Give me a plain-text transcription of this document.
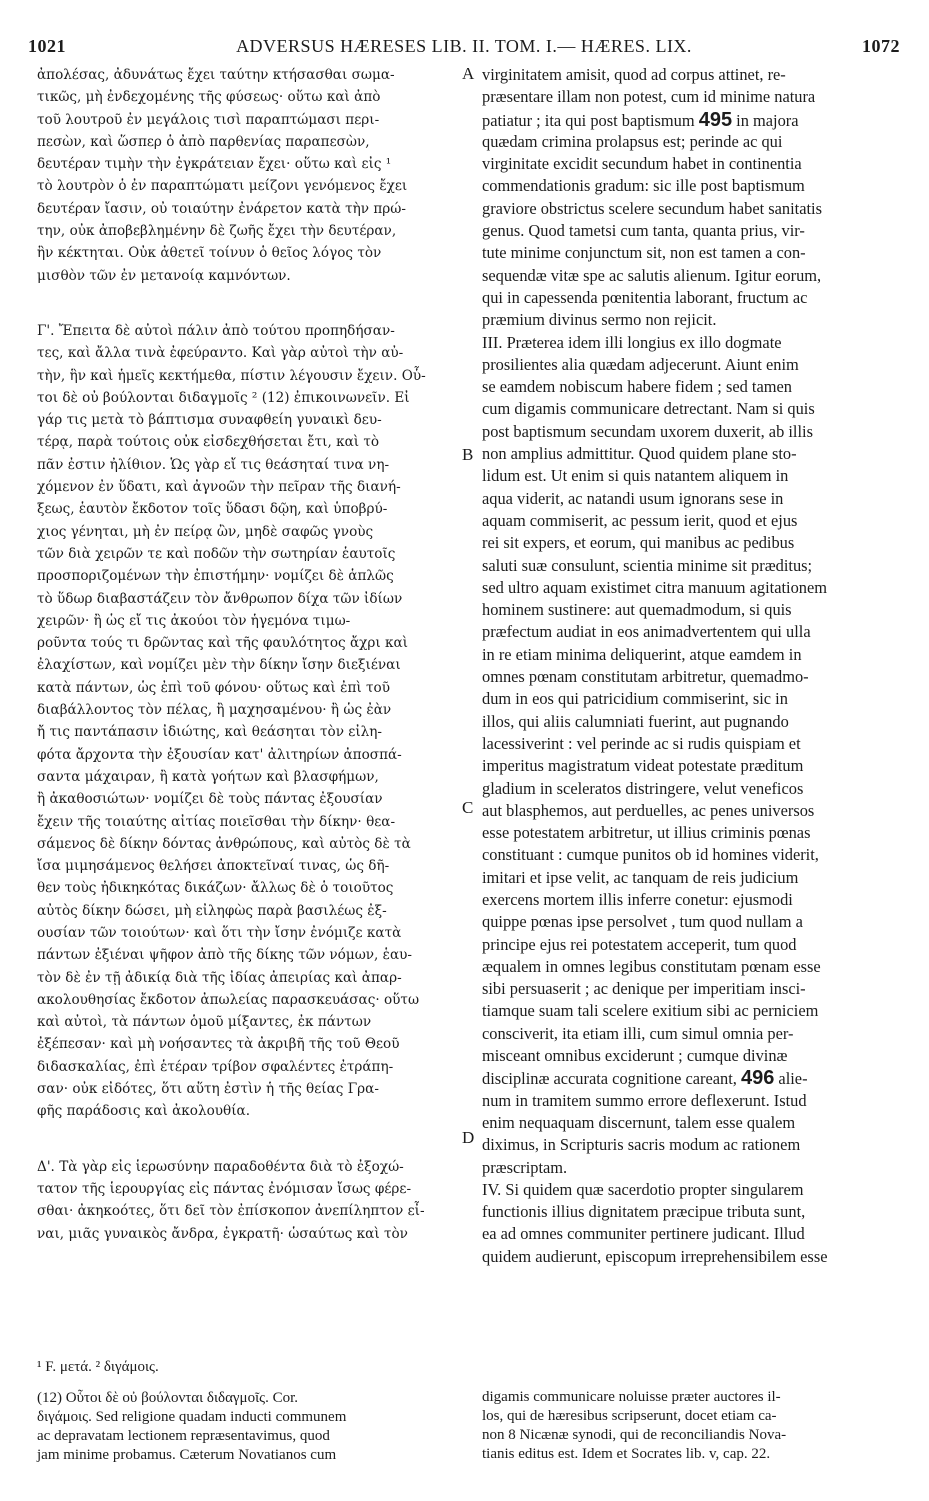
1021	ADVERSUS HÆRESES LIB. II. TOM. I.— HÆRES. LIX.	1072
ἀπολέσας, ἀδυνάτως ἔχει ταύτην κτήσασθαι σωμα-
τικῶς, μὴ ἐνδεχομένης τῆς φύσεως· οὕτω καὶ ἀπὸ
τοῦ λουτροῦ ἐν μεγάλοις τισὶ παραπτώμασι περι-
πεσὼν, καὶ ὥσπερ ὁ ἀπὸ παρθενίας παραπεσὼν,
δευτέραν τιμὴν τὴν ἐγκράτειαν ἔχει· οὕτω καὶ εἰς ¹
τὸ λουτρὸν ὁ ἐν παραπτώματι μείζονι γενόμενος ἔχει
δευτέραν ἴασιν, οὐ τοιαύτην ἐνάρετον κατὰ τὴν πρώ-
την, οὐκ ἀποβεβλημένην δὲ ζωῆς ἔχει τὴν δευτέραν,
ἣν κέκτηται. Οὐκ ἀθετεῖ τοίνυν ὁ θεῖος λόγος τὸν
μισθὸν τῶν ἐν μετανοίᾳ καμνόντων.
Γ'. Ἔπειτα δὲ αὐτοὶ πάλιν ἀπὸ τούτου προπηδήσαν-
τες, καὶ ἄλλα τινὰ ἐφεύραντο. Καὶ γὰρ αὐτοὶ τὴν αὐ-
τὴν, ἣν καὶ ἡμεῖς κεκτήμεθα, πίστιν λέγουσιν ἔχειν. Οὗ-
τοι δὲ οὐ βούλονται διδαγμοῖς ² (12) ἐπικοινωνεῖν. Εἰ
γάρ τις μετὰ τὸ βάπτισμα συναφθείη γυναικὶ δευ-
τέρᾳ, παρὰ τούτοις οὐκ εἰσδεχθήσεται ἔτι, καὶ τὸ
πᾶν ἐστιν ἠλίθιον. Ὡς γὰρ εἴ τις θεάσηταί τινα νη-
χόμενον ἐν ὕδατι, καὶ ἀγνοῶν τὴν πεῖραν τῆς διανή-
ξεως, ἑαυτὸν ἔκδοτον τοῖς ὕδασι δῷη, καὶ ὑποβρύ-
χιος γένηται, μὴ ἐν πείρᾳ ὢν, μηδὲ σαφῶς γνοὺς
τῶν διὰ χειρῶν τε καὶ ποδῶν τὴν σωτηρίαν ἑαυτοῖς
προσποριζομένων τὴν ἐπιστήμην· νομίζει δὲ ἁπλῶς
τὸ ὕδωρ διαβαστάζειν τὸν ἄνθρωπον δίχα τῶν ἰδίων
χειρῶν· ἢ ὡς εἴ τις ἀκούοι τὸν ἡγεμόνα τιμω-
ροῦντα τούς τι δρῶντας καὶ τῆς φαυλότητος ἄχρι καὶ
ἐλαχίστων, καὶ νομίζει μὲν τὴν δίκην ἴσην διεξιέναι
κατὰ πάντων, ὡς ἐπὶ τοῦ φόνου· οὕτως καὶ ἐπὶ τοῦ
διαβάλλοντος τὸν πέλας, ἢ μαχησαμένου· ἢ ὡς ἐὰν
ἤ τις παντάπασιν ἰδιώτης, καὶ θεάσηται τὸν εἰλη-
φότα ἄρχοντα τὴν ἐξουσίαν κατ' ἀλιτηρίων ἀποσπά-
σαντα μάχαιραν, ἢ κατὰ γοήτων καὶ βλασφήμων,
ἢ ἀκαθοσιώτων· νομίζει δὲ τοὺς πάντας ἐξουσίαν
ἔχειν τῆς τοιαύτης αἰτίας ποιεῖσθαι τὴν δίκην· θεα-
σάμενος δὲ δίκην δόντας ἀνθρώπους, καὶ αὐτὸς δὲ τὰ
ἴσα μιμησάμενος θελήσει ἀποκτεῖναί τινας, ὡς δῆ-
θεν τοὺς ἠδικηκότας δικάζων· ἄλλως δὲ ὁ τοιοῦτος
αὐτὸς δίκην δώσει, μὴ εἰληφὼς παρὰ βασιλέως ἐξ-
ουσίαν τῶν τοιούτων· καὶ ὅτι τὴν ἴσην ἐνόμιζε κατὰ
πάντων ἐξιέναι ψῆφον ἀπὸ τῆς δίκης τῶν νόμων, ἑαυ-
τὸν δὲ ἐν τῇ ἀδικίᾳ διὰ τῆς ἰδίας ἀπειρίας καὶ ἀπαρ-
ακολουθησίας ἔκδοτον ἀπωλείας παρασκευάσας· οὕτω
καὶ αὐτοὶ, τὰ πάντων ὁμοῦ μίξαντες, ἐκ πάντων
ἐξέπεσαν· καὶ μὴ νοήσαντες τὰ ἀκριβῆ τῆς τοῦ Θεοῦ
διδασκαλίας, ἐπὶ ἑτέραν τρίβον σφαλέντες ἐτράπη-
σαν· οὐκ εἰδότες, ὅτι αὕτη ἐστὶν ἡ τῆς θείας Γρα-
φῆς παράδοσις καὶ ἀκολουθία.
Δ'. Τὰ γὰρ εἰς ἱερωσύνην παραδοθέντα διὰ τὸ ἐξοχώ-
τατον τῆς ἱερουργίας εἰς πάντας ἐνόμισαν ἴσως φέρε-
σθαι· ἀκηκοότες, ὅτι δεῖ τὸν ἐπίσκοπον ἀνεπίληπτον εἶ-
ναι, μιᾶς γυναικὸς ἄνδρα, ἐγκρατῆ· ὡσαύτως καὶ τὸν
virginitatem amisit, quod ad corpus attinet, re-
præsentare illam non potest, cum id minime natura
patiatur ; ita qui post baptismum 495 in majora
quædam crimina prolapsus est; perinde ac qui
virginitate excidit secundum habet in continentia
commendationis gradum: sic ille post baptismum
graviore obstrictus scelere secundum habet sanitatis
genus. Quod tametsi cum tanta, quanta prius, vir-
tute minime conjunctum sit, non est tamen a con-
sequendæ vitæ spe ac salutis alienum. Igitur eorum,
qui in capessenda pœnitentia laborant, fructum ac
præmium divinus sermo non rejicit.
III. Præterea idem illi longius ex illo dogmate
prosilientes alia quædam adjecerunt. Aiunt enim
se eamdem nobiscum habere fidem ; sed tamen
cum digamis communicare detrectant. Nam si quis
post baptismum secundam uxorem duxerit, ab illis
non amplius admittitur. Quod quidem plane sto-
lidum est. Ut enim si quis natantem aliquem in
aqua viderit, ac natandi usum ignorans sese in
aquam commiserit, ac pessum ierit, quod et ejus
rei sit expers, et eorum, qui manibus ac pedibus
saluti suæ consulunt, scientia minime sit præditus;
sed ultro aquam existimet citra manuum agitationem
hominem sustinere: aut quemadmodum, si quis
præfectum audiat in eos animadvertentem qui ulla
in re etiam minima deliquerint, atque eamdem in
omnes pœnam constitutam arbitretur, quemadmo-
dum in eos qui patricidium commiserint, sic in
illos, qui aliis calumniati fuerint, aut pugnando
lacessiverint : vel perinde ac si rudis quispiam et
imperitus magistratum videat potestate præditum
gladium in sceleratos distringere, velut veneficos
aut blasphemos, aut perduelles, ac penes universos
esse potestatem arbitretur, ut illius criminis pœnas
constituant : cumque punitos ob id homines viderit,
imitari et ipse velit, ac tanquam de reis judicium
exercens mortem illis inferre conetur: ejusmodi
quippe pœnas ipse persolvet , tum quod nullam a
principe ejus rei potestatem acceperit, tum quod
æqualem in omnes legibus constitutam pœnam esse
sibi persuaserit ; ac denique per imperitiam insci-
tiamque suam tali scelere exitium sibi ac perniciem
consciverit, ita etiam illi, cum simul omnia per-
misceant omnibus exciderunt ; cumque divinæ
disciplinæ accurata cognitione careant, 496 alie-
num in tramitem summo errore deflexerunt. Istud
enim nequaquam discernunt, talem esse qualem
diximus, in Scripturis sacris modum ac rationem
præscriptam.
IV. Si quidem quæ sacerdotio propter singularem
functionis illius dignitatem præcipue tributa sunt,
ea ad omnes communiter pertinere judicant. Illud
quidem audierunt, episcopum irreprehensibilem esse
A
B
C
D
¹ F. μετά. ² διγάμοις.
(12) Οὗτοι δὲ οὐ βούλονται διδαγμοῖς. Cor.
διγάμοις. Sed religione quadam inducti communem
ac depravatam lectionem repræsentavimus, quod
jam minime probamus. Cæterum Novatianos cum
digamis communicare noluisse præter auctores il-
los, qui de hæresibus scripserunt, docet etiam ca-
non 8 Nicænæ synodi, qui de reconciliandis Nova-
tianis editus est. Idem et Socrates lib. v, cap. 22.
